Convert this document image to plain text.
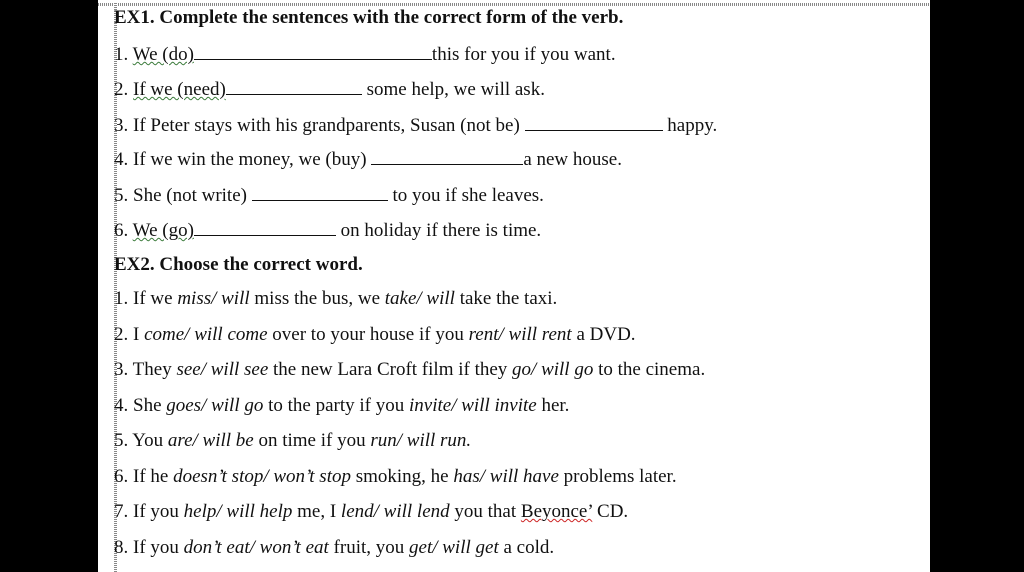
EX1. Complete the sentences with the correct form of the verb.
1. We (do)	this for you if you want.
2. If we (need)	some help, we will ask.
3. If Peter stays with his grandparents, Susan (not be)	happy.
4. If we win the money, we (buy)	a new house.
5. She (not write)	to you if she leaves.
6. We (go)	on holiday if there is time.
EX2. Choose the correct word.
1. If we miss/ will miss the bus, we take/ will take the taxi.
2. I come/ will come over to your house if you rent/ will rent a DVD.
3. They see/ will see the new Lara Croft film if they go/ will go to the cinema.
4. She goes/ will go to the party if you invite/ will invite her.
5. You are/ will be on time if you run/ will run.
6. If he doesn’t stop/ won’t stop smoking, he has/ will have problems later.
7. If you help/ will help me, I lend/ will lend you that Beyonce’ CD.
8. If you don’t eat/ won’t eat fruit, you get/ will get a cold.
